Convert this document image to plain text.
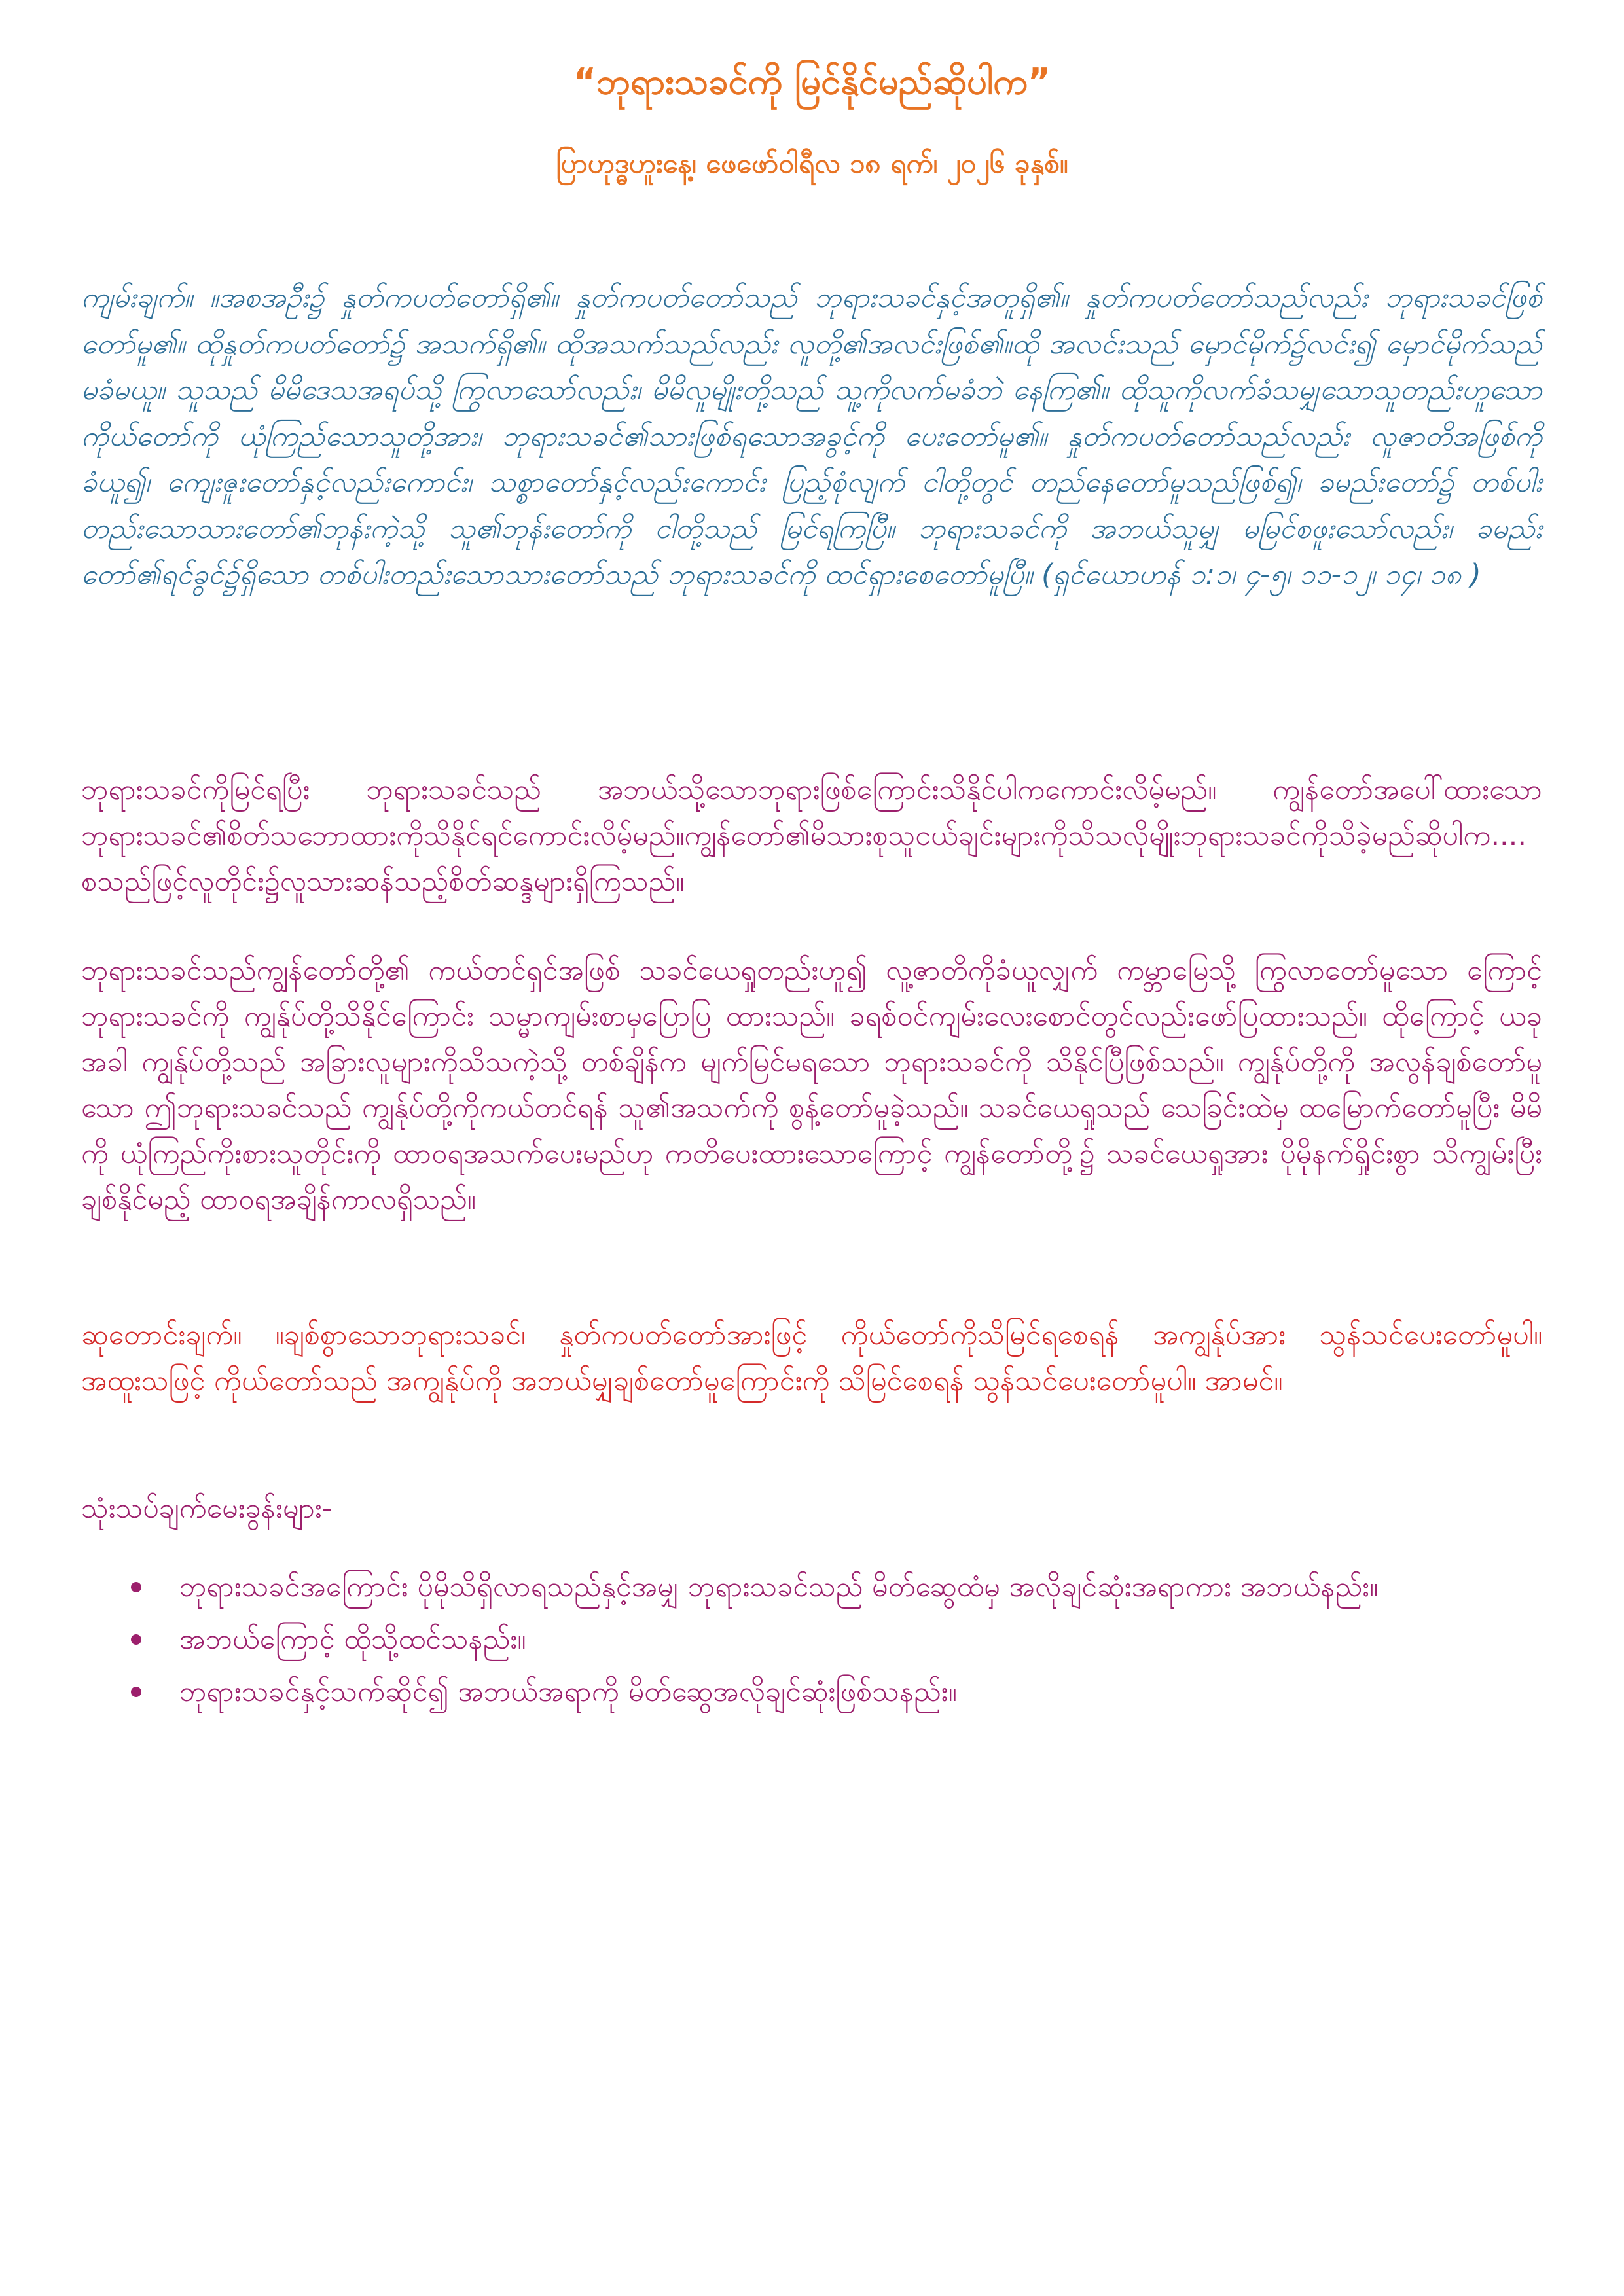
“ဘုရားသခင်ကို မြင်နိုင်မည်ဆိုပါက”
ပြာဟုဒ္ဓဟူးနေ့၊ ဖေဖော်ဝါရီလ ၁၈ ရက်၊ ၂၀၂၆ ခုနှစ်။

ကျမ်းချက်။ ။အစအဦး၌ နှုတ်ကပတ်တော်ရှိ၏။ နှုတ်ကပတ်တော်သည် ဘုရားသခင်နှင့်အတူရှိ၏။ နှုတ်ကပတ်တော်သည်လည်း ဘုရားသခင်ဖြစ်တော်မူ၏။ ထိုနှုတ်ကပတ်တော်၌ အသက်ရှိ၏။ ထိုအသက်သည်လည်း လူတို့၏အလင်းဖြစ်၏။ထို အလင်းသည် မှောင်မိုက်၌လင်း၍ မှောင်မိုက်သည် မခံမယူ။ သူသည် မိမိဒေသအရပ်သို့ ကြွလာသော်လည်း၊ မိမိလူမျိုးတို့သည် သူ့ကိုလက်မခံဘဲ နေကြ၏။ ထိုသူကိုလက်ခံသမျှသောသူတည်းဟူသော ကိုယ်တော်ကို ယုံကြည်သောသူတို့အား၊ ဘုရားသခင်၏သားဖြစ်ရသောအခွင့်ကို ပေးတော်မူ၏။ နှုတ်ကပတ်တော်သည်လည်း လူဇာတိအဖြစ်ကိုခံယူ၍၊ ကျေးဇူးတော်နှင့်လည်းကောင်း၊ သစ္စာတော်နှင့်လည်းကောင်း ပြည့်စုံလျက် ငါတို့တွင် တည်နေတော်မူသည်ဖြစ်၍၊ ခမည်းတော်၌ တစ်ပါးတည်းသောသားတော်၏ဘုန်းကဲ့သို့ သူ၏ဘုန်းတော်ကို ငါတို့သည် မြင်ရကြပြီ။ ဘုရားသခင်ကို အဘယ်သူမျှ မမြင်စဖူးသော်လည်း၊ ခမည်းတော်၏ရင်ခွင်၌ရှိသော တစ်ပါးတည်းသောသားတော်သည် ဘုရားသခင်ကို ထင်ရှားစေတော်မူပြီ။ (ရှင်ယောဟန် ၁:၁၊ ၄-၅၊ ၁၁-၁၂၊ ၁၄၊ ၁၈ )

ဘုရားသခင်ကိုမြင်ရပြီး ဘုရားသခင်သည် အဘယ်သို့သောဘုရားဖြစ်ကြောင်းသိနိုင်ပါကကောင်းလိမ့်မည်။ ကျွန်တော်အပေါ်ထားသော ဘုရားသခင်၏စိတ်သဘောထားကိုသိနိုင်ရင်ကောင်းလိမ့်မည်။ကျွန်တော်၏မိသားစုသူငယ်ချင်းများကိုသိသလိုမျိုးဘုရားသခင်ကိုသိခဲ့မည်ဆိုပါက.... စသည်ဖြင့်လူတိုင်း၌လူသားဆန်သည့်စိတ်ဆန္ဒများရှိကြသည်။

ဘုရားသခင်သည်ကျွန်တော်တို့၏ ကယ်တင်ရှင်အဖြစ် သခင်ယေရှုတည်းဟူ၍ လူ့ဇာတိကိုခံယူလျှက် ကမ္ဘာမြေသို့ ကြွလာတော်မူသော ကြောင့် ဘုရားသခင်ကို ကျွန်ုပ်တို့သိနိုင်ကြောင်း သမ္မာကျမ်းစာမှပြောပြ ထားသည်။ ခရစ်ဝင်ကျမ်းလေးစောင်တွင်လည်းဖော်ပြထားသည်။ ထိုကြောင့် ယခုအခါ ကျွန်ုပ်တို့သည် အခြားလူများကိုသိသကဲ့သို့ တစ်ချိန်က မျက်မြင်မရသော ဘုရားသခင်ကို သိနိုင်ပြီဖြစ်သည်။ ကျွန်ုပ်တို့ကို အလွန်ချစ်တော်မူသော ဤဘုရားသခင်သည် ကျွန်ုပ်တို့ကိုကယ်တင်ရန် သူ၏အသက်ကို စွန့်တော်မူခဲ့သည်။ သခင်ယေရှုသည် သေခြင်းထဲမှ ထမြောက်တော်မူပြီး မိမိကို ယုံကြည်ကိုးစားသူတိုင်းကို ထာဝရအသက်ပေးမည်ဟု ကတိပေးထားသောကြောင့် ကျွန်တော်တို့၌ သခင်ယေရှုအား ပိုမိုနက်ရှိုင်းစွာ သိကျွမ်းပြီး ချစ်နိုင်မည့် ထာဝရအချိန်ကာလရှိသည်။

ဆုတောင်းချက်။ ။ချစ်စွာသောဘုရားသခင်၊ နှုတ်ကပတ်တော်အားဖြင့် ကိုယ်တော်ကိုသိမြင်ရစေရန် အကျွန်ုပ်အား သွန်သင်ပေးတော်မူပါ။ အထူးသဖြင့် ကိုယ်တော်သည် အကျွန်ုပ်ကို အဘယ်မျှချစ်တော်မူကြောင်းကို သိမြင်စေရန် သွန်သင်ပေးတော်မူပါ။ အာမင်။

သုံးသပ်ချက်မေးခွန်းများ-

ဘုရားသခင်အကြောင်း ပိုမိုသိရှိလာရသည်နှင့်အမျှ ဘုရားသခင်သည် မိတ်ဆွေထံမှ အလိုချင်ဆုံးအရာကား အဘယ်နည်း။
အဘယ်ကြောင့် ထိုသို့ထင်သနည်း။
ဘုရားသခင်နှင့်သက်ဆိုင်၍ အဘယ်အရာကို မိတ်ဆွေအလိုချင်ဆုံးဖြစ်သနည်း။
